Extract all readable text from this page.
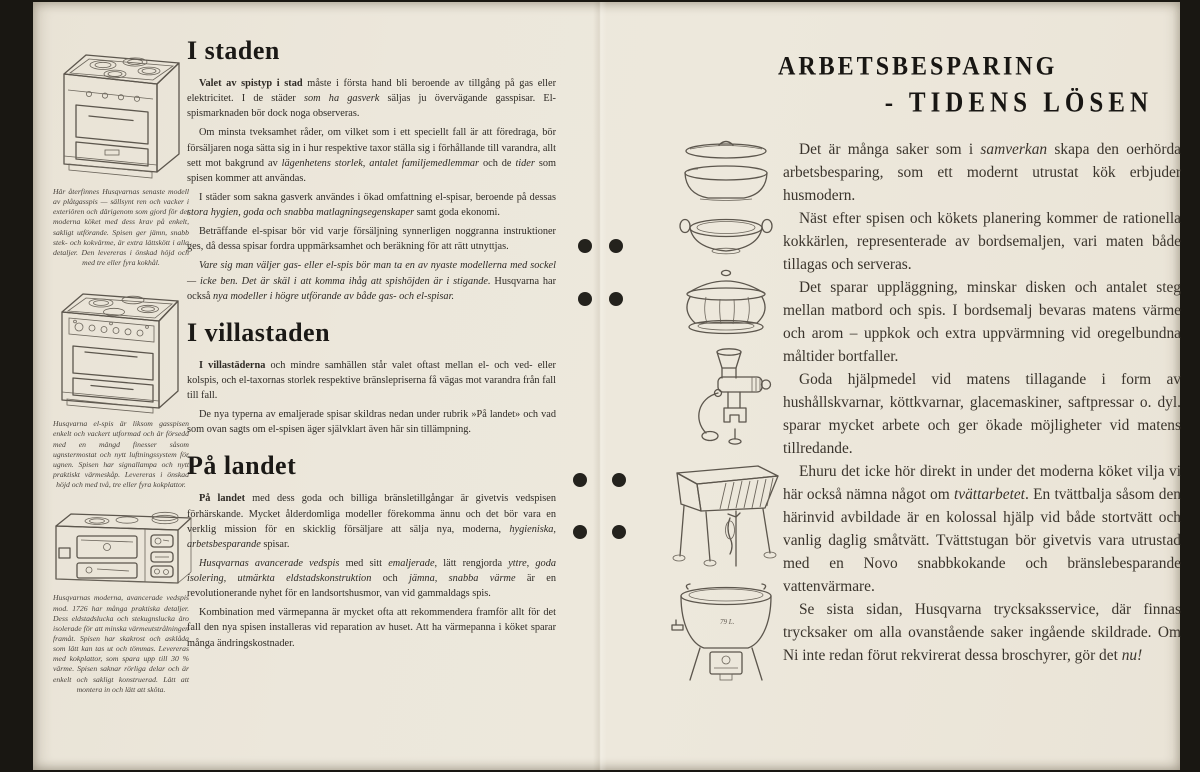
Här återfinnes Husqvarnas senaste modell av plåtgasspis — sällsynt ren och vacker i exteriören och därigenom som gjord för det moderna köket med dess krav på enkelt, sakligt utförande. Spisen ger jämn, snabb stek- och kokvärme, är extra lättskött i alla detaljer. Den levereras i önskad höjd och med tre eller fyra kokhål.
Husqvarna el-spis är liksom gasspisen enkelt och vackert utformad och är försedd med en mängd finesser såsom ugnstermostat och nytt luftningssystem för ugnen. Spisen har signallampa och nytt praktiskt värmeskåp. Levereras i önskad höjd och med två, tre eller fyra kokplattor.
Husqvarnas moderna, avancerade vedspis mod. 1726 har många praktiska detaljer. Dess eldstadslucka och stekugnslucka äro isolerade för att minska värmeutstrålningen framåt. Spisen har skakrost och asklåda som lätt kan tas ut och tömmas. Levereras med kokplattor, som spara upp till 30 % värme. Spisen saknar rörliga delar och är enkelt och sakligt konstruerad. Lätt att montera in och lätt att sköta.
I staden

Valet av spistyp i stad måste i första hand bli beroende av tillgång på gas eller elektricitet. I de städer som ha gasverk säljas ju övervägande gasspisar. El-spismarknaden bör dock noga observeras.

Om minsta tveksamhet råder, om vilket som i ett speciellt fall är att föredraga, bör försäljaren noga sätta sig in i hur respektive taxor ställa sig i förhållande till varandra, allt sett mot bakgrund av lägenhetens storlek, antalet familjemedlemmar och de tider som spisen kommer att användas.

I städer som sakna gasverk användes i ökad omfattning el-spisar, beroende på dessas stora hygien, goda och snabba matlagningsegenskaper samt goda ekonomi.

Beträffande el-spisar bör vid varje försäljning synnerligen noggranna instruktioner ges, då dessa spisar fordra uppmärksamhet och beräkning för att rätt utnyttjas.

Vare sig man väljer gas- eller el-spis bör man ta en av nyaste modellerna med sockel — icke ben. Det är skäl i att komma ihåg att spishöjden är i stigande. Husqvarna har också nya modeller i högre utförande av både gas- och el-spisar.

I villastaden

I villastäderna och mindre samhällen står valet oftast mellan el- och ved- eller kolspis, och el-taxornas storlek respektive bränslepriserna få vägas mot varandra från fall till fall.

De nya typerna av emaljerade spisar skildras nedan under rubrik »På landet» och vad som ovan sagts om el-spisen äger självklart även här sin tillämpning.

På landet

På landet med dess goda och billiga bränsletillgångar är givetvis vedspisen förhärskande. Mycket ålderdomliga modeller förekomma ännu och det bör vara en verklig mission för en skicklig försäljare att sälja nya, moderna, hygieniska, arbetsbesparande spisar.

Husqvarnas avancerade vedspis med sitt emaljerade, lätt rengjorda yttre, goda isolering, utmärkta eldstadskonstruktion och jämna, snabba värme är en revolutionerande nyhet för en landsortshusmor, van vid gammaldags spis.

Kombination med värmepanna är mycket ofta att rekommendera framför allt för det fall den nya spisen installeras vid reparation av huset. Att ha värmepanna i köket sparar många ändringskostnader.

ARBETSBESPARING
- TIDENS LÖSEN
79 L.

Det är många saker som i samverkan skapa den oerhörda arbetsbesparing, som ett modernt utrustat kök erbjuder husmodern.

Näst efter spisen och kökets planering kommer de rationella kokkärlen, representerade av bordsemaljen, vari maten både tillagas och serveras.

Det sparar uppläggning, minskar disken och antalet steg mellan matbord och spis. I bordsemalj bevaras matens värme och arom – uppkok och extra uppvärmning vid oregelbundna måltider bortfaller.

Goda hjälpmedel vid matens tillagande i form av hushållskvarnar, köttkvarnar, glacemaskiner, saftpressar o. dyl. sparar mycket arbete och ger ökade möjligheter vid matens tillredande.

Ehuru det icke hör direkt in under det moderna köket vilja vi här också nämna något om tvättarbetet. En tvättbalja såsom den härinvid avbildade är en kolossal hjälp vid både stortvätt och vanlig daglig småtvätt. Tvättstugan bör givetvis vara utrustad med en Novo snabbkokande och bränslebesparande vattenvärmare.

Se sista sidan, Husqvarna trycksaksservice, där finnas trycksaker om alla ovanstående saker ingående skildrade. Om Ni inte redan förut rekvirerat dessa broschyrer, gör det nu!
